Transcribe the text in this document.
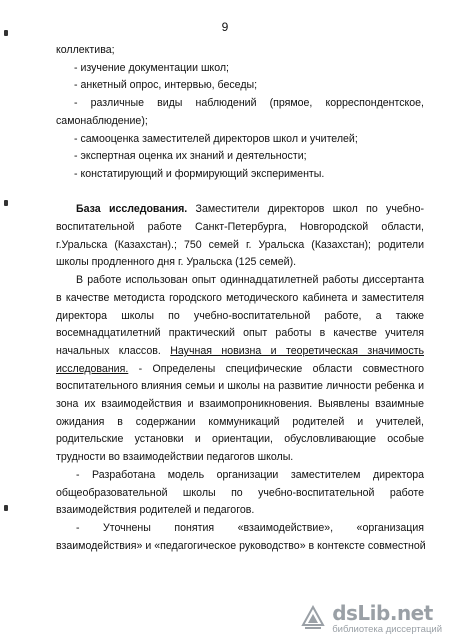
9

коллектива;

- изучение документации школ;

- анкетный опрос, интервью, беседы;

- различные виды наблюдений (прямое, корреспондентское,

самонаблюдение);

- самооценка заместителей директоров школ и учителей;

- экспертная оценка их знаний и деятельности;

- констатирующий и формирующий эксперименты.

База исследования. Заместители директоров школ по учебно-

воспитательной работе Санкт-Петербурга, Новгородской области,

г.Уральска (Казахстан).; 750 семей г. Уральска (Казахстан); родители

школы продленного дня г. Уральска (125 семей).

В работе использован опыт одиннадцатилетней работы диссертанта

в качестве методиста городского методического кабинета и заместителя

директора школы по учебно-воспитательной работе, а также

восемнадцатилетний практический опыт работы в качестве учителя

начальных классов. Научная новизна и теоретическая значимость

исследования. - Определены специфические области совместного

воспитательного влияния семьи и школы на развитие личности ребенка и

зона их взаимодействия и взаимопроникновения. Выявлены взаимные

ожидания в содержании коммуникаций родителей и учителей,

родительские установки и ориентации, обусловливающие особые

трудности во взаимодействии педагогов школы.

- Разработана модель организации заместителем директора

общеобразовательной школы по учебно-воспитательной работе

взаимодействия родителей и педагогов.

- Уточнены понятия «взаимодействие», «организация

взаимодействия» и «педагогическое руководство» в контексте совместной

dsLib.net
библиотека диссертаций
